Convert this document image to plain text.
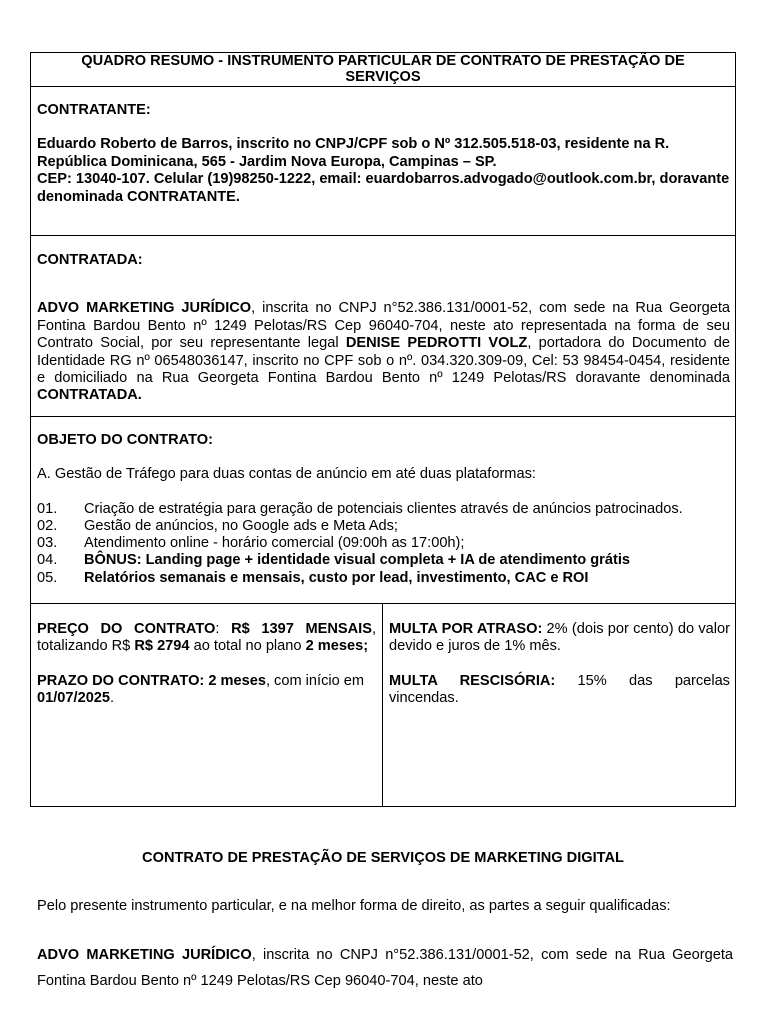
QUADRO RESUMO - INSTRUMENTO PARTICULAR DE CONTRATO DE PRESTAÇÃO DE

SERVIÇOS

CONTRATANTE:

Eduardo Roberto de Barros, inscrito no CNPJ/CPF sob o Nº 312.505.518-03, residente na R. República Dominicana, 565 - Jardim Nova Europa, Campinas – SP.

CEP: 13040-107. Celular (19)98250-1222, email: euardobarros.advogado@outlook.com.br, doravante denominada CONTRATANTE.

CONTRATADA:

ADVO MARKETING JURÍDICO, inscrita no CNPJ n°52.386.131/0001-52, com sede na Rua Georgeta Fontina Bardou Bento nº 1249 Pelotas/RS Cep 96040-704, neste ato representada na forma de seu Contrato Social, por seu representante legal DENISE PEDROTTI VOLZ, portadora do Documento de Identidade RG nº 06548036147, inscrito no CPF sob o nº. 034.320.309-09, Cel: 53 98454-0454, residente e domiciliado na Rua Georgeta Fontina Bardou Bento nº 1249 Pelotas/RS doravante denominada CONTRATADA.

OBJETO DO CONTRATO:

A. Gestão de Tráfego para duas contas de anúncio em até duas plataformas:

01.	Criação de estratégia para geração de potenciais clientes através de anúncios patrocinados.
02.	Gestão de anúncios, no Google ads e Meta Ads;
03.	Atendimento online - horário comercial (09:00h as 17:00h);
04.	BÔNUS: Landing page + identidade visual completa + IA de atendimento grátis
05.	Relatórios semanais e mensais, custo por lead, investimento, CAC e ROI

PREÇO DO CONTRATO: R$ 1397 MENSAIS, totalizando R$ R$ 2794 ao total no plano 2 meses;

PRAZO DO CONTRATO: 2 meses, com início em 01/07/2025.

MULTA POR ATRASO: 2% (dois por cento) do valor devido e juros de 1% mês.

MULTA RESCISÓRIA: 15% das parcelas vincendas.

CONTRATO DE PRESTAÇÃO DE SERVIÇOS DE MARKETING DIGITAL
Pelo presente instrumento particular, e na melhor forma de direito, as partes a seguir qualificadas:

ADVO MARKETING JURÍDICO, inscrita no CNPJ n°52.386.131/0001-52, com sede na Rua Georgeta

Fontina Bardou Bento nº 1249 Pelotas/RS Cep 96040-704, neste ato
